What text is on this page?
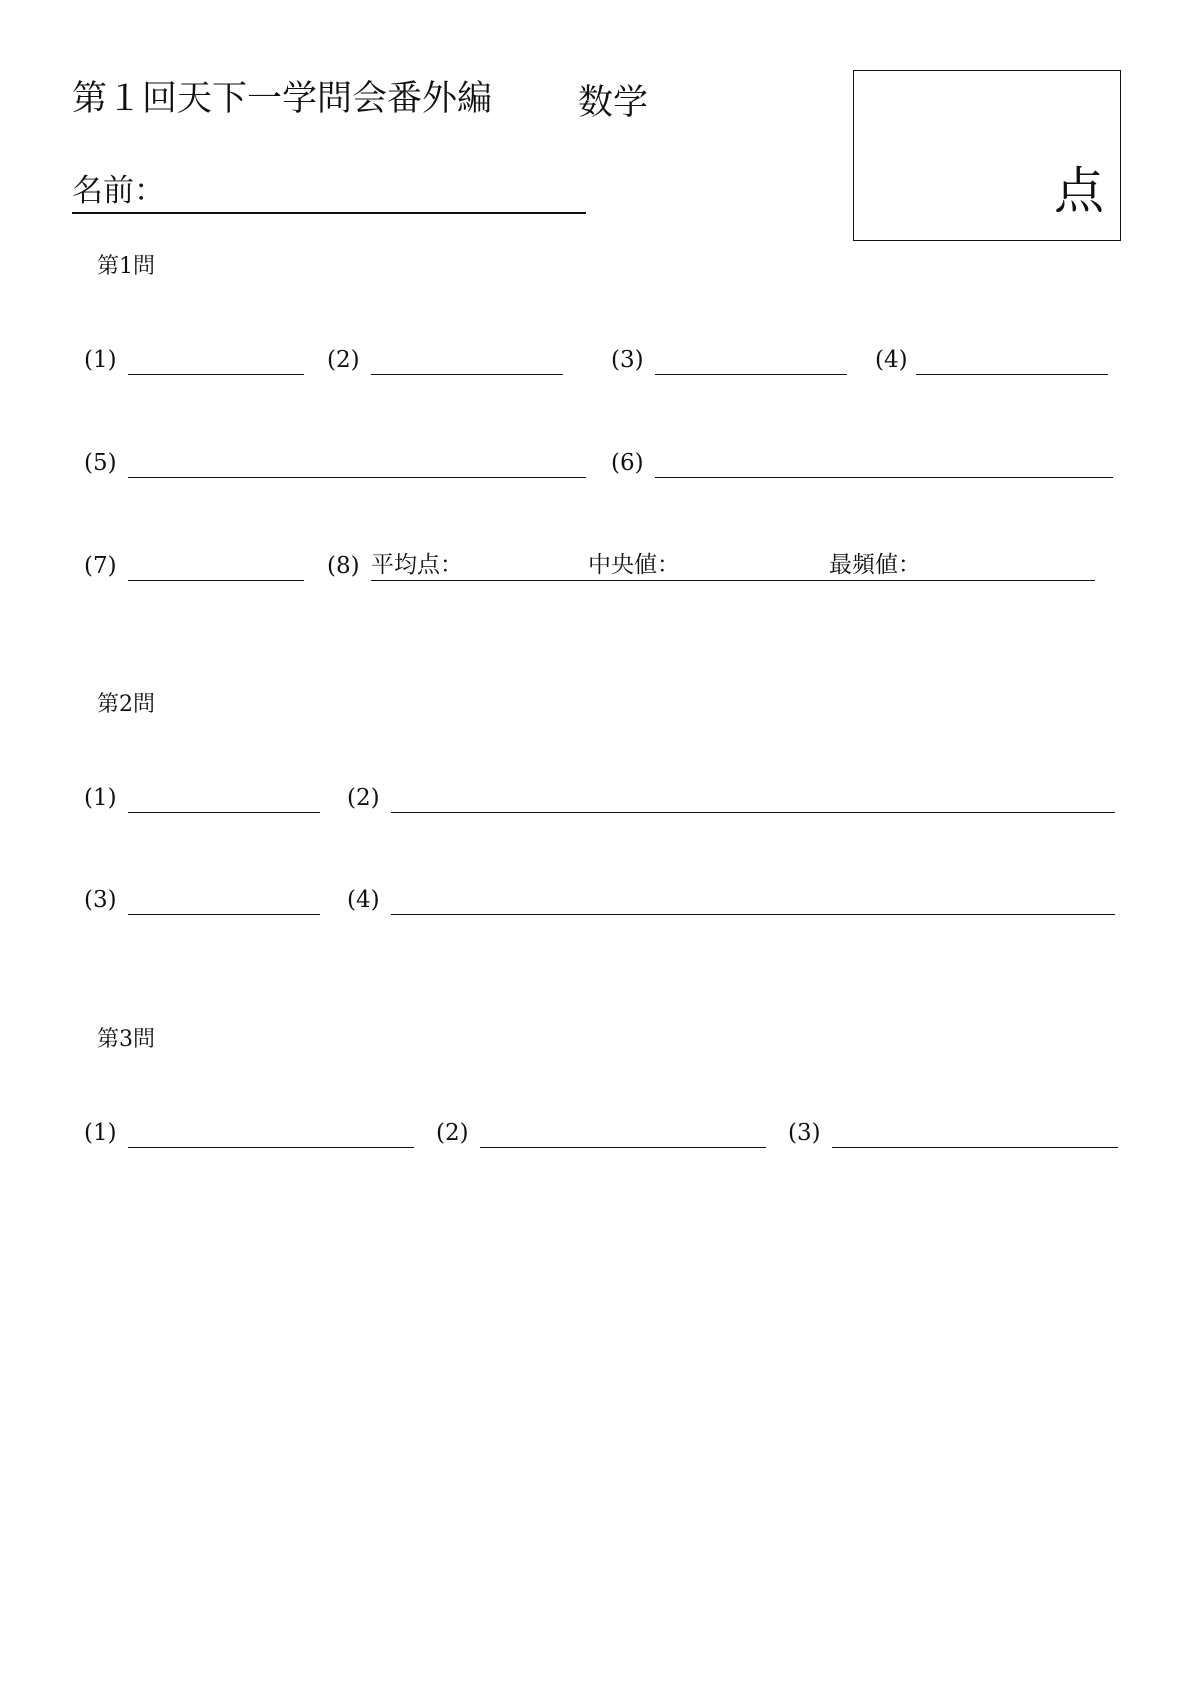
第１回天下一学問会番外編 数学
名前：	点
第1問
(1)	(2)	(3)	(4)
(5)	(6)
(7)	(8) 平均点：	中央値：	最頻値：
第2問
(1)	(2)
(3)	(4)
第3問
(1)	(2)	(3)
